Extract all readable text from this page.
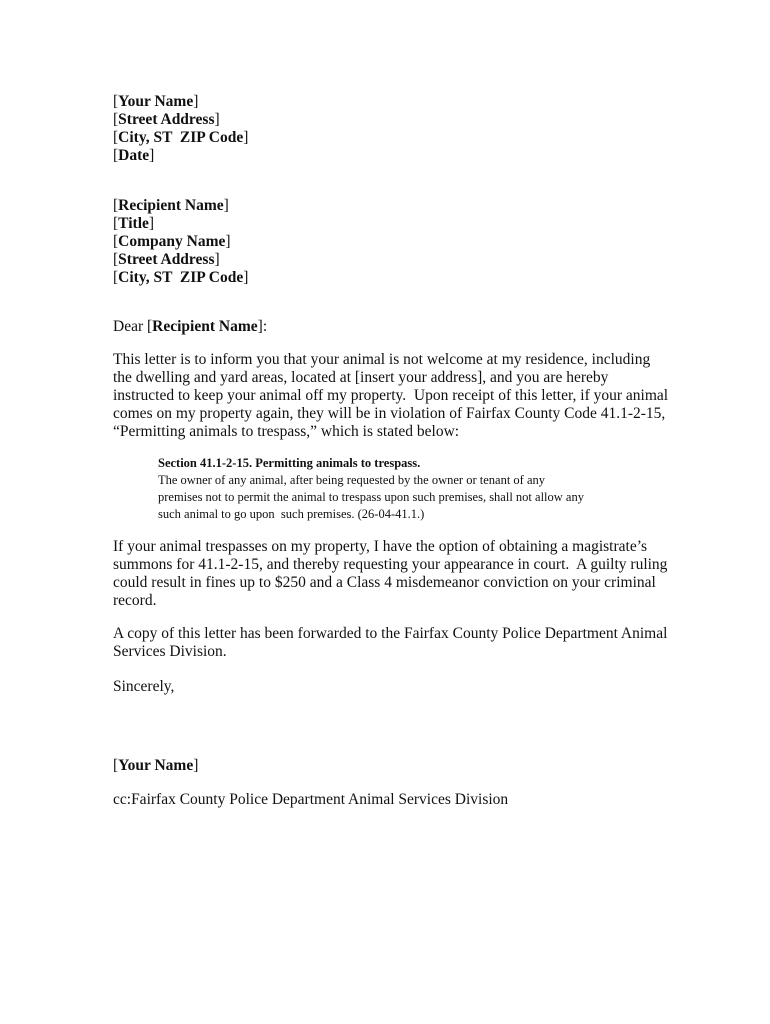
[Your Name]
[Street Address]
[City, ST  ZIP Code]
[Date]
[Recipient Name]
[Title]
[Company Name]
[Street Address]
[City, ST  ZIP Code]
Dear [Recipient Name]:
This letter is to inform you that your animal is not welcome at my residence, including
the dwelling and yard areas, located at [insert your address], and you are hereby
instructed to keep your animal off my property.  Upon receipt of this letter, if your animal
comes on my property again, they will be in violation of Fairfax County Code 41.1-2-15,
“Permitting animals to trespass,” which is stated below:
Section 41.1-2-15. Permitting animals to trespass.
The owner of any animal, after being requested by the owner or tenant of any
premises not to permit the animal to trespass upon such premises, shall not allow any
such animal to go upon  such premises. (26-04-41.1.)
If your animal trespasses on my property, I have the option of obtaining a magistrate’s
summons for 41.1-2-15, and thereby requesting your appearance in court.  A guilty ruling
could result in fines up to $250 and a Class 4 misdemeanor conviction on your criminal
record.
A copy of this letter has been forwarded to the Fairfax County Police Department Animal
Services Division.
Sincerely,
[Your Name]
cc:Fairfax County Police Department Animal Services Division
